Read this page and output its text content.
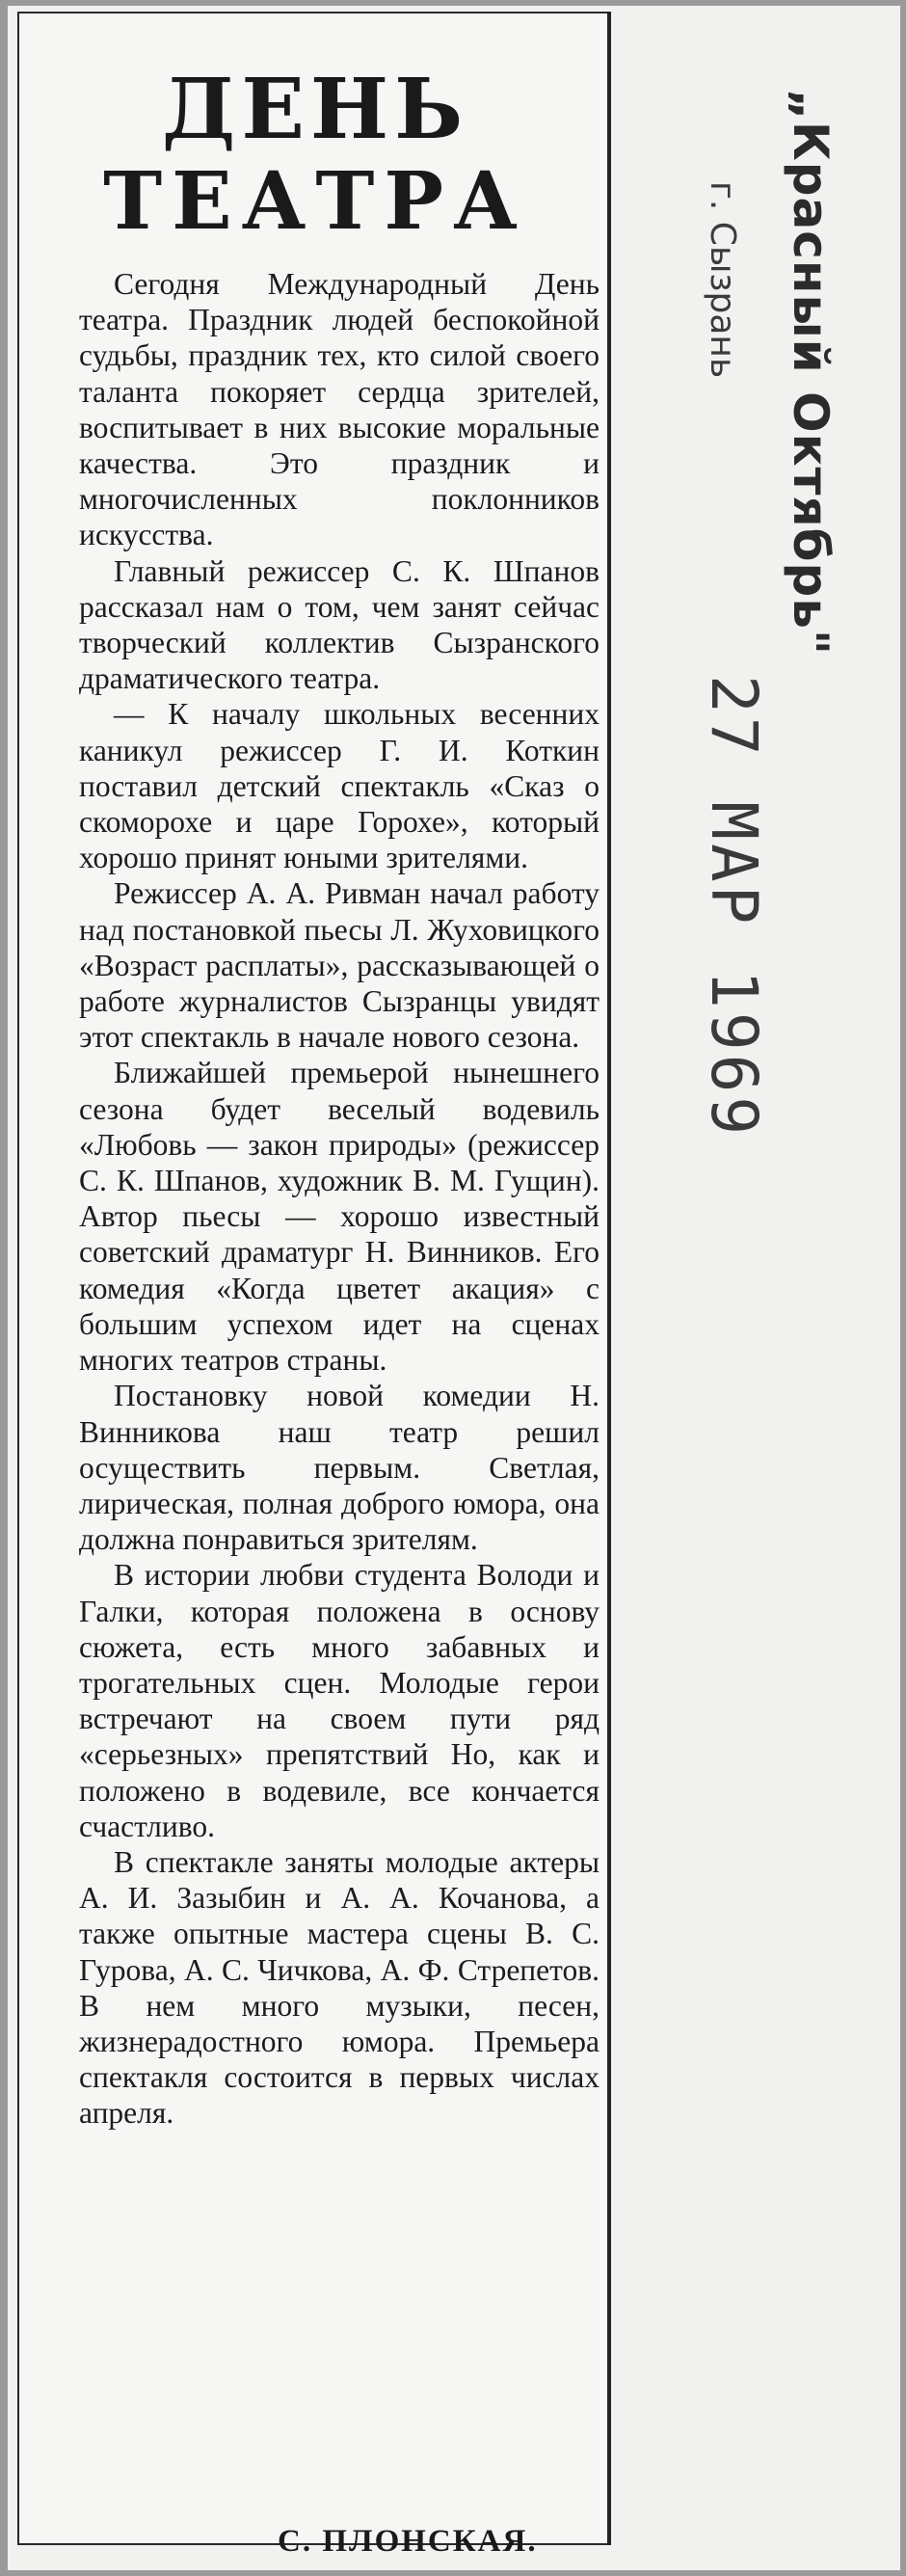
ДЕНЬ
ТЕАТРА

Сегодня Международный День театра. Праздник людей беспокойной судьбы, праздник тех, кто силой своего таланта покоряет сердца зрителей, воспитывает в них высокие моральные качества. Это праздник и многочисленных поклонников искусства.

Главный режиссер С. К. Шпанов рассказал нам о том, чем занят сейчас творческий коллектив Сызранского драматического театра.

— К началу школьных весенних каникул режиссер Г. И. Коткин поставил детский спектакль «Сказ о скоморохе и царе Горохе», который хорошо принят юными зрителями.

Режиссер А. А. Ривман начал работу над постановкой пьесы Л. Жуховицкого «Возраст расплаты», рассказывающей о работе журналистов Сызранцы увидят этот спектакль в начале нового сезона.

Ближайшей премьерой нынешнего сезона будет веселый водевиль «Любовь — закон природы» (режиссер С. К. Шпанов, художник В. М. Гущин). Автор пьесы — хорошо известный советский драматург Н. Винников. Его комедия «Когда цветет акация» с большим успехом идет на сценах многих театров страны.

Постановку новой комедии Н. Винникова наш театр решил осуществить первым. Светлая, лирическая, полная доброго юмора, она должна понравиться зрителям.

В истории любви студента Володи и Галки, которая положена в основу сюжета, есть много забавных и трогательных сцен. Молодые герои встречают на своем пути ряд «серьезных» препятствий Но, как и положено в водевиле, все кончается счастливо.

В спектакле заняты молодые актеры А. И. Зазыбин и А. А. Кочанова, а также опытные мастера сцены В. С. Гурова, А. С. Чичкова, А. Ф. Стрепетов. В нем много музыки, песен, жизнерадостного юмора. Премьера спектакля состоится в первых числах апреля.

С. ПЛОНСКАЯ.
„Красный Октябрь"
г. Сызрань
27 МАР 1969
